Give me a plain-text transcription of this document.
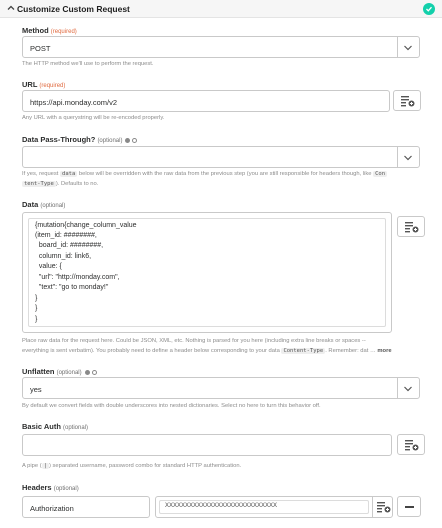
Customize Custom Request
Method (required)
POST
The HTTP method we'll use to perform the request.
URL (required)
https://api.monday.com/v2
Any URL with a querystring will be re-encoded properly.
Data Pass-Through? (optional)
If yes, request data below will be overridden with the raw data from the previous step (you are still responsible for headers though, like Con
tent-Type ). Defaults to no.
Data (optional)
{mutation{change_column_value
(item_id: ########,
board_id: ########,
column_id: link6,
value: {
"url": "http://monday.com",
"text": "go to monday!"
}
}
}
Place raw data for the request here. Could be JSON, XML, etc. Nothing is parsed for you here (including extra line breaks or spaces --
everything is sent verbatim). You probably need to define a header below corresponding to your data Content-Type . Remember: dat … more
Unflatten (optional)
yes
By default we convert fields with double underscores into nested dictionaries. Select no here to turn this behavior off.
Basic Auth (optional)
A pipe ( | ) separated username, password combo for standard HTTP authentication.
Headers (optional)
Authorization	XXXXXXXXXXXXXXXXXXXXXXXXXXXX
